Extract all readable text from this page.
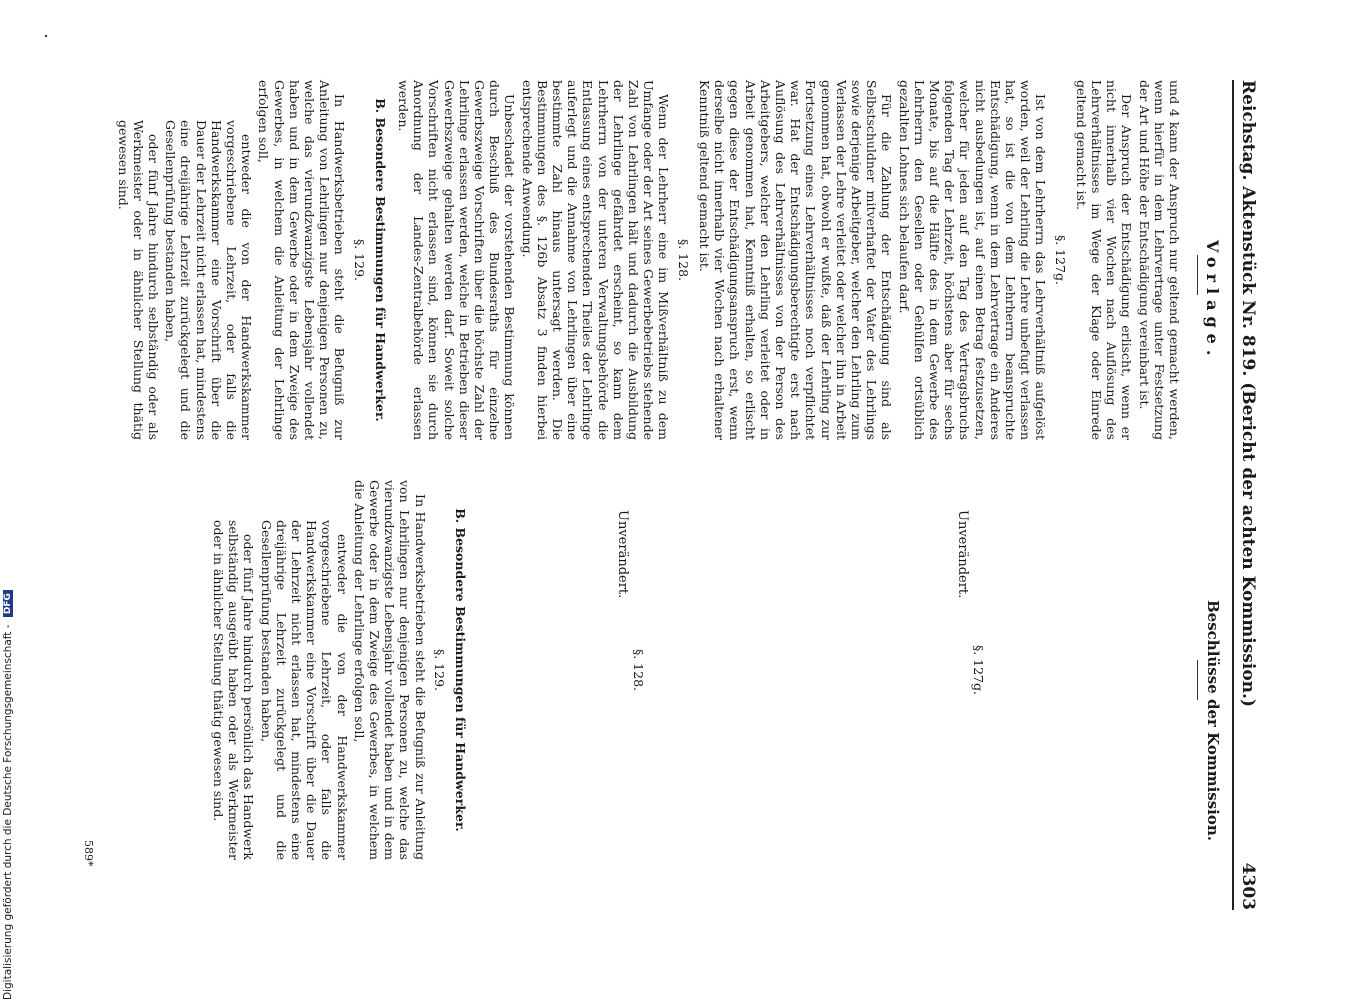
Reichstag. Aktenstück Nr. 819. (Bericht der achten Kommission.)
4303
Vorlage.
Beschlüsse der Kommission.

und 4 kann der Anspruch nur geltend gemacht werden, wenn hierfür in dem Lehrvertrage unter Festsetzung der Art und Höhe der Entschädigung vereinbart ist.

Der Anspruch der Entschädigung erlischt, wenn er nicht innerhalb vier Wochen nach Auflösung des Lehrverhältnisses im Wege der Klage oder Einrede geltend gemacht ist.

§. 127g.

Ist von dem Lehrherrn das Lehrverhältniß aufgelöst worden, weil der Lehrling die Lehre unbefugt verlassen hat, so ist die von dem Lehrherrn beanspruchte Entschädigung, wenn in dem Lehrvertrage ein Anderes nicht ausbedungen ist, auf einen Betrag festzusetzen, welcher für jeden auf den Tag des Vertragsbruchs folgenden Tag der Lehrzeit, höchstens aber für sechs Monate, bis auf die Hälfte des in dem Gewerbe des Lehrherrn den Gesellen oder Gehülfen ortsüblich gezahlten Lohnes sich belaufen darf.

Für die Zahlung der Entschädigung sind als Selbstschuldner mitverhaftet der Vater des Lehrlings sowie derjenige Arbeitgeber, welcher den Lehrling zum Verlassen der Lehre verleitet oder welcher ihn in Arbeit genommen hat, obwohl er wußte, daß der Lehrling zur Fortsetzung eines Lehrverhältnisses noch verpflichtet war. Hat der Entschädigungsberechtigte erst nach Auflösung des Lehrverhältnisses von der Person des Arbeitgebers, welcher den Lehrling verleitet oder in Arbeit genommen hat, Kenntniß erhalten, so erlischt gegen diese der Entschädigungsanspruch erst, wenn derselbe nicht innerhalb vier Wochen nach erhaltener Kenntniß geltend gemacht ist.

§. 128.

Wenn der Lehrherr eine im Mißverhältniß zu dem Umfange oder der Art seines Gewerbebetriebs stehende Zahl von Lehrlingen hält und dadurch die Ausbildung der Lehrlinge gefährdet erscheint, so kann dem Lehrherrn von der unteren Verwaltungsbehörde die Entlassung eines entsprechenden Theiles der Lehrlinge auferlegt und die Annahme von Lehrlingen über eine bestimmte Zahl hinaus untersagt werden. Die Bestimmungen des §. 126b Absatz 3 finden hierbei entsprechende Anwendung.

Unbeschadet der vorstehenden Bestimmung können durch Beschluß des Bundesraths für einzelne Gewerbszweige Vorschriften über die höchste Zahl der Lehrlinge erlassen werden, welche in Betrieben dieser Gewerbszweige gehalten werden darf. Soweit solche Vorschriften nicht erlassen sind, können sie durch Anordnung der Landes-Zentralbehörde erlassen werden.

B. Besondere Bestimmungen für Handwerker.
§. 129.

In Handwerksbetrieben steht die Befugniß zur Anleitung von Lehrlingen nur denjenigen Personen zu, welche das vierundzwanzigste Lebensjahr vollendet haben und in dem Gewerbe oder in dem Zweige des Gewerbes, in welchem die Anleitung der Lehrlinge erfolgen soll,

entweder die von der Handwerkskammer vorgeschriebene Lehrzeit, oder falls die Handwerkskammer eine Vorschrift über die Dauer der Lehrzeit nicht erlassen hat, mindestens eine dreijährige Lehrzeit zurückgelegt und die Gesellenprüfung bestanden haben,

oder fünf Jahre hindurch selbständig oder als Werkmeister oder in ähnlicher Stellung thätig gewesen sind.

§. 127g.
Unverändert.
§. 128.
Unverändert.
B. Besondere Bestimmungen für Handwerker.
§. 129.

In Handwerksbetrieben steht die Befugniß zur Anleitung von Lehrlingen nur denjenigen Personen zu, welche das vierundzwanzigste Lebensjahr vollendet haben und in dem Gewerbe oder in dem Zweige des Gewerbes, in welchem die Anleitung der Lehrlinge erfolgen soll,

entweder die von der Handwerkskammer vorgeschriebene Lehrzeit, oder falls die Handwerkskammer eine Vorschrift über die Dauer der Lehrzeit nicht erlassen hat, mindestens eine dreijährige Lehrzeit zurückgelegt und die Gesellenprüfung bestanden haben,

oder fünf Jahre hindurch persönlich das Handwerk selbständig ausgeübt haben oder als Werkmeister oder in ähnlicher Stellung thätig gewesen sind.

589*
Digitalisierung gefördert durch die Deutsche Forschungsgemeinschaft - DFG
